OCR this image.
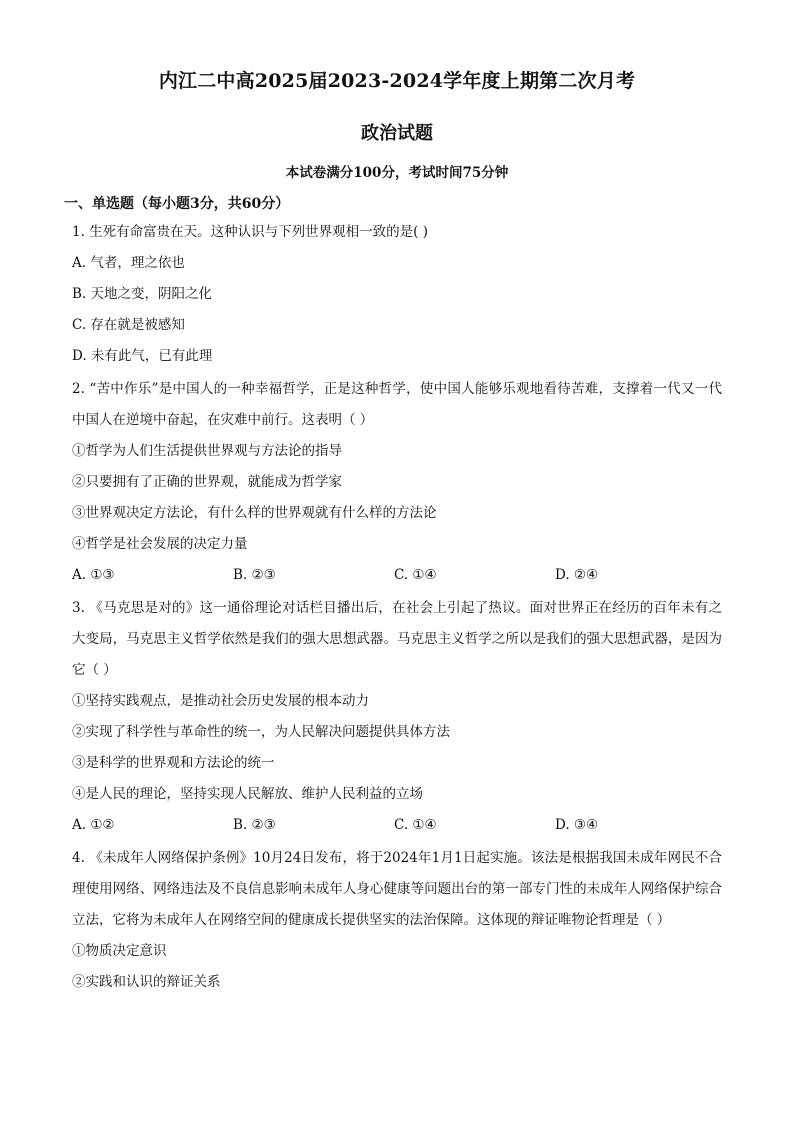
内江二中高2025届2023-2024学年度上期第二次月考
政治试题
本试卷满分100分，考试时间75分钟
一、单选题（每小题3分，共60分）

1. 生死有命富贵在天。这种认识与下列世界观相一致的是( )

A. 气者，理之依也

B. 天地之变，阴阳之化

C. 存在就是被感知

D. 未有此气，已有此理

2. “苦中作乐”是中国人的一种幸福哲学，正是这种哲学，使中国人能够乐观地看待苦难，支撑着一代又一代中国人在逆境中奋起，在灾难中前行。这表明（ ）

①哲学为人们生活提供世界观与方法论的指导

②只要拥有了正确的世界观，就能成为哲学家

③世界观决定方法论，有什么样的世界观就有什么样的方法论

④哲学是社会发展的决定力量

A. ①③	B. ②③	C. ①④	D. ②④

3. 《马克思是对的》这一通俗理论对话栏目播出后，在社会上引起了热议。面对世界正在经历的百年未有之大变局，马克思主义哲学依然是我们的强大思想武器。马克思主义哲学之所以是我们的强大思想武器，是因为它（ ）

①坚持实践观点，是推动社会历史发展的根本动力

②实现了科学性与革命性的统一，为人民解决问题提供具体方法

③是科学的世界观和方法论的统一

④是人民的理论，坚持实现人民解放、维护人民利益的立场

A. ①②	B. ②③	C. ①④	D. ③④

4. 《未成年人网络保护条例》10月24日发布，将于2024年1月1日起实施。该法是根据我国未成年网民不合理使用网络、网络违法及不良信息影响未成年人身心健康等问题出台的第一部专门性的未成年人网络保护综合立法，它将为未成年人在网络空间的健康成长提供坚实的法治保障。这体现的辩证唯物论哲理是（ ）

①物质决定意识

②实践和认识的辩证关系
